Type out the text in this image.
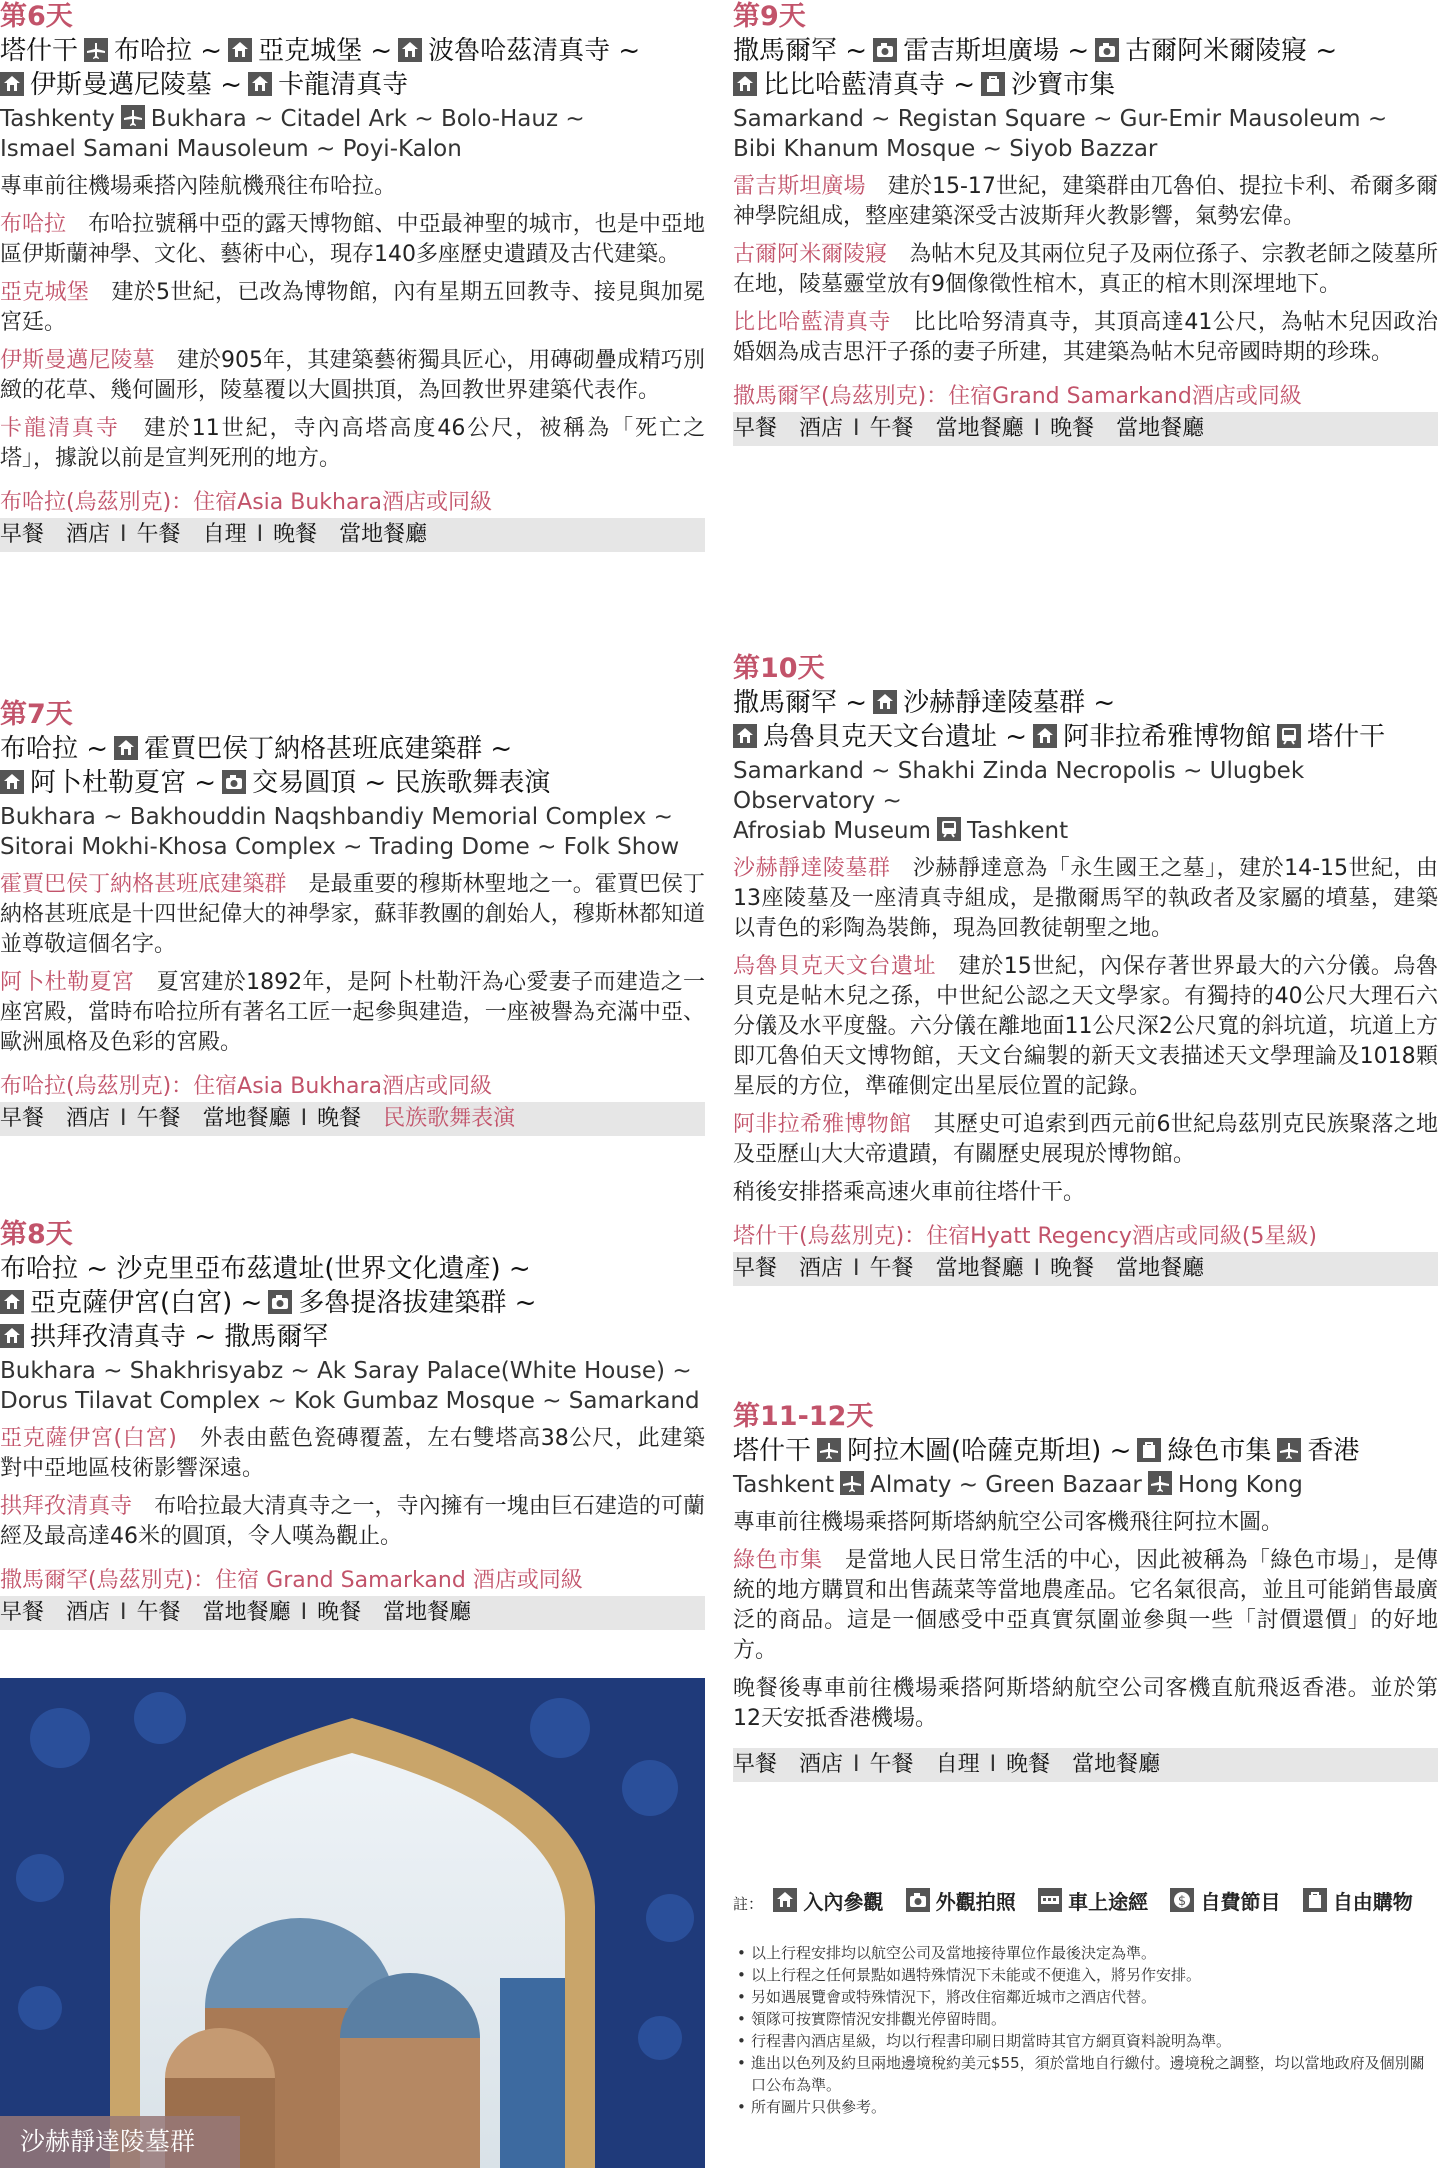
第6天
塔什干 布哈拉 ~ 亞克城堡 ~ 波魯哈茲清真寺 ~

伊斯曼邁尼陵墓 ~ 卡龍清真寺
Tashkenty Bukhara ~ Citadel Ark ~ Bolo-Hauz ~
Ismael Samani Mausoleum ~ Poyi-Kalon
專車前往機場乘搭內陸航機飛往布哈拉。
布哈拉　 布哈拉號稱中亞的露天博物館、中亞最神聖的城市，也是中亞地區伊斯蘭神學、文化、藝術中心，現存140多座歷史遺蹟及古代建築。
亞克城堡　 建於5世紀，已改為博物館，內有星期五回教寺、接見與加冕宮廷。
伊斯曼邁尼陵墓　 建於905年，其建築藝術獨具匠心，用磚砌疊成精巧別緻的花草、幾何圖形，陵墓覆以大圓拱頂，為回教世界建築代表作。
卡龍清真寺　 建於11世紀，寺內高塔高度46公尺，被稱為「死亡之塔」，據說以前是宣判死刑的地方。
布哈拉(烏茲別克)：住宿Asia Bukhara酒店或同級
早餐　 酒店 I 午餐　 自理 I 晚餐　 當地餐廳
第7天
布哈拉 ~ 霍賈巴侯丁納格甚班底建築群 ~

阿卜杜勒夏宮 ~ 交易圓頂 ~ 民族歌舞表演
Bukhara ~ Bakhouddin Naqshbandiy Memorial Complex ~
Sitorai Mokhi-Khosa Complex ~ Trading Dome ~ Folk Show
霍賈巴侯丁納格甚班底建築群　 是最重要的穆斯林聖地之一。霍賈巴侯丁納格甚班底是十四世紀偉大的神學家，蘇菲教團的創始人，穆斯林都知道並尊敬這個名字。
阿卜杜勒夏宮　 夏宮建於1892年，是阿卜杜勒汗為心愛妻子而建造之一座宮殿，當時布哈拉所有著名工匠一起參與建造，一座被譽為充滿中亞、歐洲風格及色彩的宮殿。
布哈拉(烏茲別克)：住宿Asia Bukhara酒店或同級
早餐　 酒店 I 午餐　 當地餐廳 I 晚餐　 民族歌舞表演
第8天
布哈拉 ~ 沙克里亞布茲遺址(世界文化遺產) ~

亞克薩伊宮(白宮) ~ 多魯提洛拔建築群 ~

拱拜孜清真寺 ~ 撒馬爾罕
Bukhara ~ Shakhrisyabz ~ Ak Saray Palace(White House) ~
Dorus Tilavat Complex ~ Kok Gumbaz Mosque ~ Samarkand
亞克薩伊宮(白宮)　 外表由藍色瓷磚覆蓋，左右雙塔高38公尺，此建築對中亞地區枝術影響深遠。
拱拜孜清真寺　 布哈拉最大清真寺之一，寺內擁有一塊由巨石建造的可蘭經及最高達46米的圓頂，令人嘆為觀止。
撒馬爾罕(烏茲別克)：住宿 Grand Samarkand 酒店或同級
早餐　 酒店 I 午餐　 當地餐廳 I 晚餐　 當地餐廳
沙赫靜達陵墓群
第9天
撒馬爾罕 ~ 雷吉斯坦廣場 ~ 古爾阿米爾陵寢 ~

比比哈藍清真寺 ~ 沙寶市集
Samarkand ~ Registan Square ~ Gur-Emir Mausoleum ~
Bibi Khanum Mosque ~ Siyob Bazzar
雷吉斯坦廣場　 建於15-17世紀，建築群由兀魯伯、提拉卡利、希爾多爾神學院組成，整座建築深受古波斯拜火教影響，氣勢宏偉。
古爾阿米爾陵寢　 為帖木兒及其兩位兒子及兩位孫子、宗教老師之陵墓所在地，陵墓靈堂放有9個像徵性棺木，真正的棺木則深埋地下。
比比哈藍清真寺　 比比哈努清真寺，其頂高達41公尺，為帖木兒因政治婚姻為成吉思汗子孫的妻子所建，其建築為帖木兒帝國時期的珍珠。
撒馬爾罕(烏茲別克)：住宿Grand Samarkand酒店或同級
早餐　 酒店 I 午餐　 當地餐廳 I 晚餐　 當地餐廳
第10天
撒馬爾罕 ~ 沙赫靜達陵墓群 ~

烏魯貝克天文台遺址 ~ 阿非拉希雅博物館 塔什干
Samarkand ~ Shakhi Zinda Necropolis ~ Ulugbek Observatory ~
Afrosiab Museum Tashkent
沙赫靜達陵墓群　 沙赫靜達意為「永生國王之墓」，建於14-15世紀，由13座陵墓及一座清真寺組成，是撒爾馬罕的執政者及家屬的墳墓，建築以青色的彩陶為裝飾，現為回教徒朝聖之地。
烏魯貝克天文台遺址　 建於15世紀，內保存著世界最大的六分儀。烏魯貝克是帖木兒之孫，中世紀公認之天文學家。有獨持的40公尺大理石六分儀及水平度盤。六分儀在離地面11公尺深2公尺寬的斜坑道，坑道上方即兀魯伯天文博物館，天文台編製的新天文表描述天文學理論及1018顆星辰的方位，準確側定出星辰位置的記錄。
阿非拉希雅博物館　 其歷史可追索到西元前6世紀烏茲別克民族聚落之地及亞歷山大大帝遺蹟，有關歷史展現於博物館。
稍後安排搭乘高速火車前往塔什干。
塔什干(烏茲別克)：住宿Hyatt Regency酒店或同級(5星級)
早餐　 酒店 I 午餐　 當地餐廳 I 晚餐　 當地餐廳
第11-12天
塔什干 阿拉木圖(哈薩克斯坦) ~ 綠色市集 香港
Tashkent Almaty ~ Green Bazaar Hong Kong
專車前往機場乘搭阿斯塔納航空公司客機飛往阿拉木圖。
綠色市集　 是當地人民日常生活的中心，因此被稱為「綠色市場」，是傳統的地方購買和出售蔬菜等當地農產品。它名氣很高，並且可能銷售最廣泛的商品。這是一個感受中亞真實氛圍並參與一些「討價還價」的好地方。
晚餐後專車前往機場乘搭阿斯塔納航空公司客機直航飛返香港。並於第12天安抵香港機場。
早餐　 酒店 I 午餐　 自理 I 晚餐　 當地餐廳
註： 入內參觀	外觀拍照	車上途經 $ 自費節目	自由購物
• 以上行程安排均以航空公司及當地接待單位作最後決定為準。
• 以上行程之任何景點如遇特殊情況下未能或不便進入，將另作安排。
• 另如遇展覽會或特殊情況下，將改住宿鄰近城市之酒店代替。
• 領隊可按實際情況安排觀光停留時間。
• 行程書內酒店星級，均以行程書印刷日期當時其官方網頁資料說明為準。
• 進出以色列及約旦兩地邊境稅約美元$55，須於當地自行繳付。邊境稅之調整，均以當地政府及個別關口公布為準。
• 所有圖片只供參考。
